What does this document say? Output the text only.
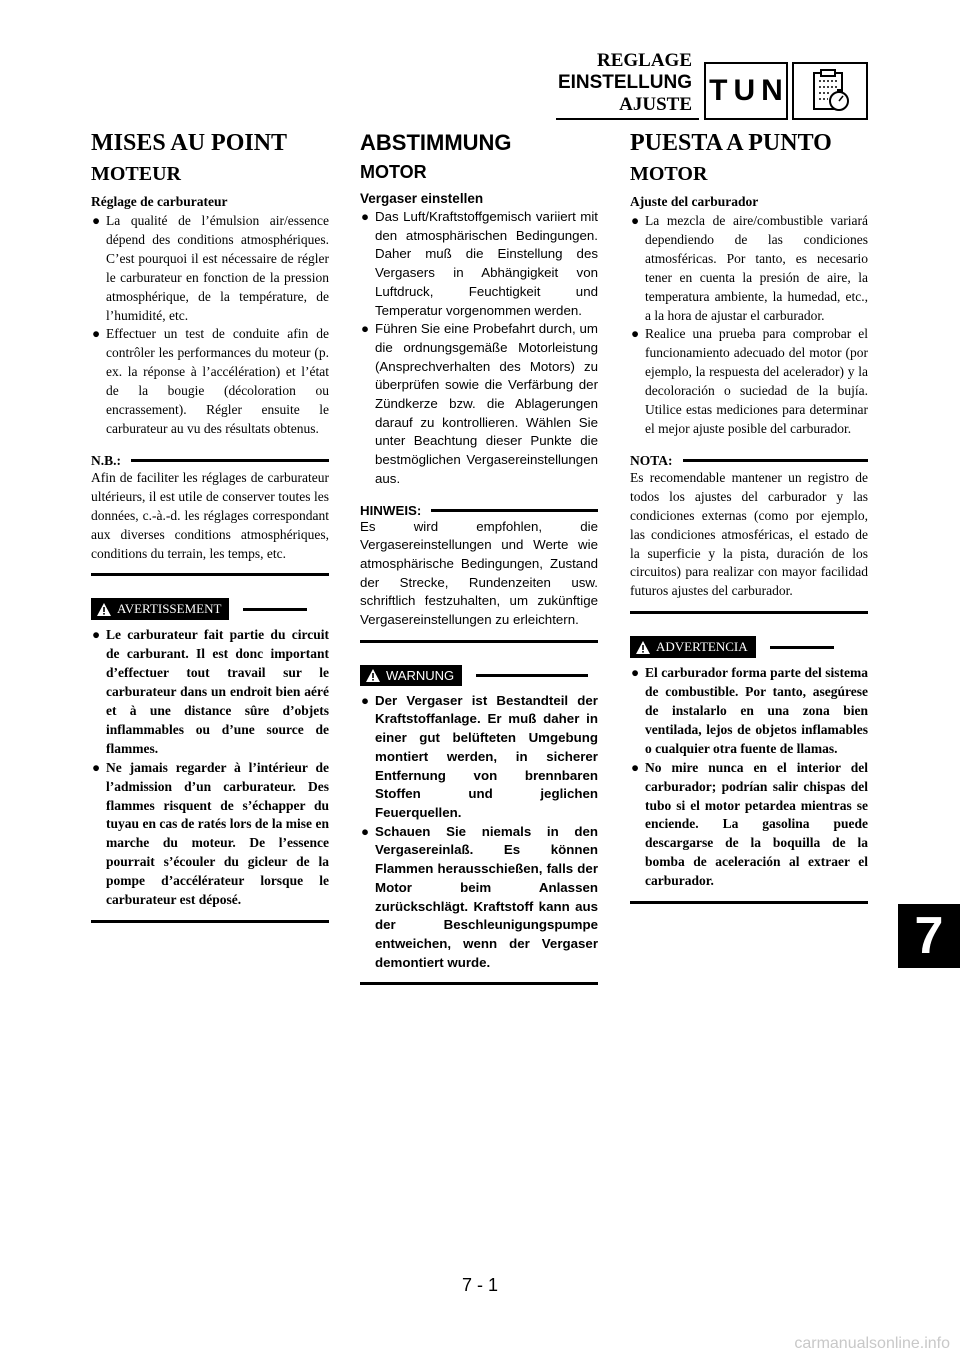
REGLAGE
EINSTELLUNG
AJUSTE TUN
MISES AU POINT
MOTEUR
Réglage de carburateur
● La qualité de l’émulsion air/essence dépend des conditions atmosphériques. C’est pourquoi il est nécessaire de régler le carburateur en fonction de la pression atmosphérique, de la température, de l’humidité, etc.
● Effectuer un test de conduite afin de contrôler les performances du moteur (p. ex. la réponse à l’accélération) et l’état de la bougie (décoloration ou encrassement). Régler ensuite le carburateur au vu des résultats obtenus.
N.B.:

Afin de faciliter les réglages de carburateur ultérieurs, il est utile de conserver toutes les données, c.-à.-d. les réglages correspondant aux diverses conditions atmosphériques, conditions du terrain, les temps, etc.

AVERTISSEMENT
● Le carburateur fait partie du circuit de carburant. Il est donc important d’effectuer tout travail sur le carburateur dans un endroit bien aéré et à une distance sûre d’objets inflammables ou d’une source de flammes.
● Ne jamais regarder à l’intérieur de l’admission d’un carburateur. Des flammes risquent de s’échapper du tuyau en cas de ratés lors de la mise en marche du moteur. De l’essence pourrait s’écouler du gicleur de la pompe d’accélérateur lorsque le carburateur est déposé.
ABSTIMMUNG
MOTOR
Vergaser einstellen
● Das Luft/Kraftstoffgemisch variiert mit den atmosphärischen Bedingungen. Daher muß die Einstellung des Vergasers in Abhängigkeit von Luftdruck, Feuchtigkeit und Temperatur vorgenommen werden.
● Führen Sie eine Probefahrt durch, um die ordnungsgemäße Motorleistung (Ansprechverhalten des Motors) zu überprüfen sowie die Verfärbung der Zündkerze bzw. die Ablagerungen darauf zu kontrollieren. Wählen Sie unter Beachtung dieser Punkte die bestmöglichen Vergasereinstellungen aus.
HINWEIS:

Es wird empfohlen, die Vergasereinstellungen und Werte wie atmosphärische Bedingungen, Zustand der Strecke, Rundenzeiten usw. schriftlich festzuhalten, um zukünftige Vergasereinstellungen zu erleichtern.

WARNUNG
● Der Vergaser ist Bestandteil der Kraftstoffanlage. Er muß daher in einer gut belüfteten Umgebung montiert werden, in sicherer Entfernung von brennbaren Stoffen und jeglichen Feuerquellen.
● Schauen Sie niemals in den Vergasereinlaß. Es können Flammen herausschießen, falls der Motor beim Anlassen zurückschlägt. Kraftstoff kann aus der Beschleunigungspumpe entweichen, wenn der Vergaser demontiert wurde.
PUESTA A PUNTO
MOTOR
Ajuste del carburador
● La mezcla de aire/combustible variará dependiendo de las condiciones atmosféricas. Por tanto, es necesario tener en cuenta la presión de aire, la temperatura ambiente, la humedad, etc., a la hora de ajustar el carburador.
● Realice una prueba para comprobar el funcionamiento adecuado del motor (por ejemplo, la respuesta del acelerador) y la decoloración o suciedad de la bujía. Utilice estas mediciones para determinar el mejor ajuste posible del carburador.
NOTA:

Es recomendable mantener un registro de todos los ajustes del carburador y las condiciones externas (como por ejemplo, las condiciones atmosféricas, el estado de la superficie y la pista, duración de los circuitos) para realizar con mayor facilidad futuros ajustes del carburador.

ADVERTENCIA
● El carburador forma parte del sistema de combustible. Por tanto, asegúrese de instalarlo en una zona bien ventilada, lejos de objetos inflamables o cualquier otra fuente de llamas.
● No mire nunca en el interior del carburador; podrían salir chispas del tubo si el motor petardea mientras se enciende. La gasolina puede descargarse de la boquilla de la bomba de aceleración al extraer el carburador.
7
7 - 1
carmanualsonline.info
